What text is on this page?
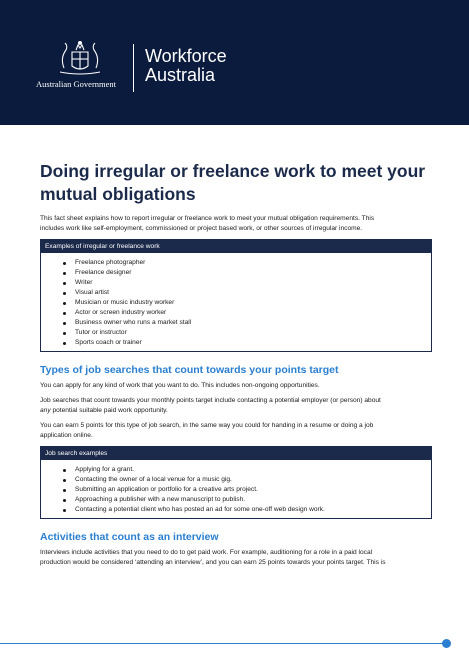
Australian Government
Workforce
Australia
Doing irregular or freelance work to meet your
mutual obligations
This fact sheet explains how to report irregular or freelance work to meet your mutual obligation requirements. This
includes work like self-employment, commissioned or project based work, or other sources of irregular income.
Examples of irregular or freelance work
Freelance photographer
Freelance designer
Writer
Visual artist
Musician or music industry worker
Actor or screen industry worker
Business owner who runs a market stall
Tutor or instructor
Sports coach or trainer
Types of job searches that count towards your points target
You can apply for any kind of work that you want to do. This includes non-ongoing opportunities.
Job searches that count towards your monthly points target include contacting a potential employer (or person) about
any potential suitable paid work opportunity.
You can earn 5 points for this type of job search, in the same way you could for handing in a resume or doing a job
application online.
Job search examples
Applying for a grant.
Contacting the owner of a local venue for a music gig.
Submitting an application or portfolio for a creative arts project.
Approaching a publisher with a new manuscript to publish.
Contacting a potential client who has posted an ad for some one-off web design work.
Activities that count as an interview
Interviews include activities that you need to do to get paid work. For example, auditioning for a role in a paid local
production would be considered ‘attending an interview’, and you can earn 25 points towards your points target. This is
